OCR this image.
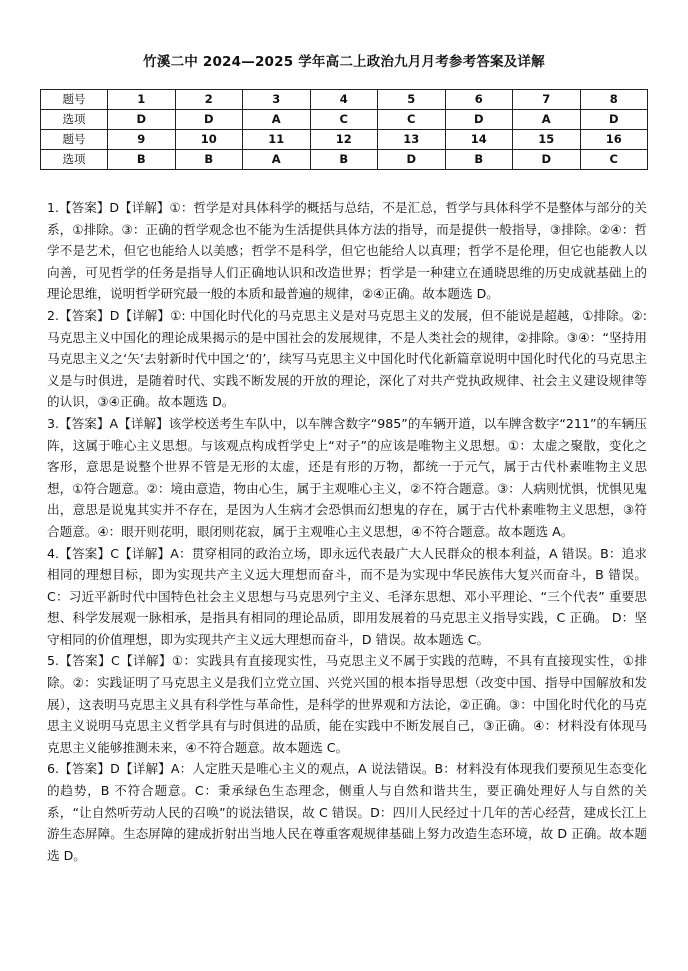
竹溪二中 2024—2025 学年高二上政治九月月考参考答案及详解
题号	1	2	3	4	5	6	7	8
选项	D	D	A	C	C	D	A	D
题号	9	10	11	12	13	14	15	16
选项	B	B	A	B	D	B	D	C

1.【答案】D【详解】①：哲学是对具体科学的概括与总结，不是汇总，哲学与具体科学不是整体与部分的关系，①排除。③：正确的哲学观念也不能为生活提供具体方法的指导，而是提供一般指导，③排除。②④：哲学不是艺术，但它也能给人以美感；哲学不是科学，但它也能给人以真理；哲学不是伦理，但它也能教人以向善，可见哲学的任务是指导人们正确地认识和改造世界；哲学是一种建立在通晓思维的历史成就基础上的理论思维，说明哲学研究最一般的本质和最普遍的规律，②④正确。故本题选 D。

2.【答案】D【详解】①: 中国化时代化的马克思主义是对马克思主义的发展，但不能说是超越，①排除。②: 马克思主义中国化的理论成果揭示的是中国社会的发展规律，不是人类社会的规律，②排除。③④：“坚持用马克思主义之‘矢’去射新时代中国之‘的’，续写马克思主义中国化时代化新篇章说明中国化时代化的马克思主义是与时俱进，是随着时代、实践不断发展的开放的理论，深化了对共产党执政规律、社会主义建设规律等的认识，③④正确。故本题选 D。

3.【答案】A【详解】该学校送考生车队中，以车牌含数字“985”的车辆开道，以车牌含数字“211”的车辆压阵，这属于唯心主义思想。与该观点构成哲学史上“对子”的应该是唯物主义思想。①：太虚之聚散，变化之客形，意思是说整个世界不管是无形的太虚，还是有形的万物，都统一于元气，属于古代朴素唯物主义思想，①符合题意。②：境由意造，物由心生，属于主观唯心主义，②不符合题意。③：人病则忧惧，忧惧见鬼出，意思是说鬼其实并不存在，是因为人生病才会恐惧而幻想鬼的存在，属于古代朴素唯物主义思想，③符合题意。④：眼开则花明，眼闭则花寂，属于主观唯心主义思想，④不符合题意。故本题选 A。

4.【答案】C【详解】A：贯穿相同的政治立场，即永远代表最广大人民群众的根本利益，A 错误。B：追求相同的理想目标，即为实现共产主义远大理想而奋斗，而不是为实现中华民族伟大复兴而奋斗，B 错误。C：习近平新时代中国特色社会主义思想与马克思列宁主义、毛泽东思想、邓小平理论、“三个代表” 重要思想、科学发展观一脉相承，是指具有相同的理论品质，即用发展着的马克思主义指导实践，C 正确。 D：坚守相同的价值理想，即为实现共产主义远大理想而奋斗，D 错误。故本题选 C。

5.【答案】C【详解】①：实践具有直接现实性，马克思主义不属于实践的范畴，不具有直接现实性，①排除。②：实践证明了马克思主义是我们立党立国、兴党兴国的根本指导思想（改变中国、指导中国解放和发展），这表明马克思主义具有科学性与革命性，是科学的世界观和方法论，②正确。③：中国化时代化的马克思主义说明马克思主义哲学具有与时俱进的品质，能在实践中不断发展自己，③正确。④：材料没有体现马克思主义能够推测未来，④不符合题意。故本题选 C。

6.【答案】D【详解】A：人定胜天是唯心主义的观点，A 说法错误。B：材料没有体现我们要预见生态变化的趋势，B 不符合题意。C：秉承绿色生态理念，侧重人与自然和谐共生，要正确处理好人与自然的关系，“让自然听劳动人民的召唤”的说法错误，故 C 错误。D：四川人民经过十几年的苦心经营，建成长江上游生态屏障。生态屏障的建成折射出当地人民在尊重客观规律基础上努力改造生态环境，故 D 正确。故本题选 D。
